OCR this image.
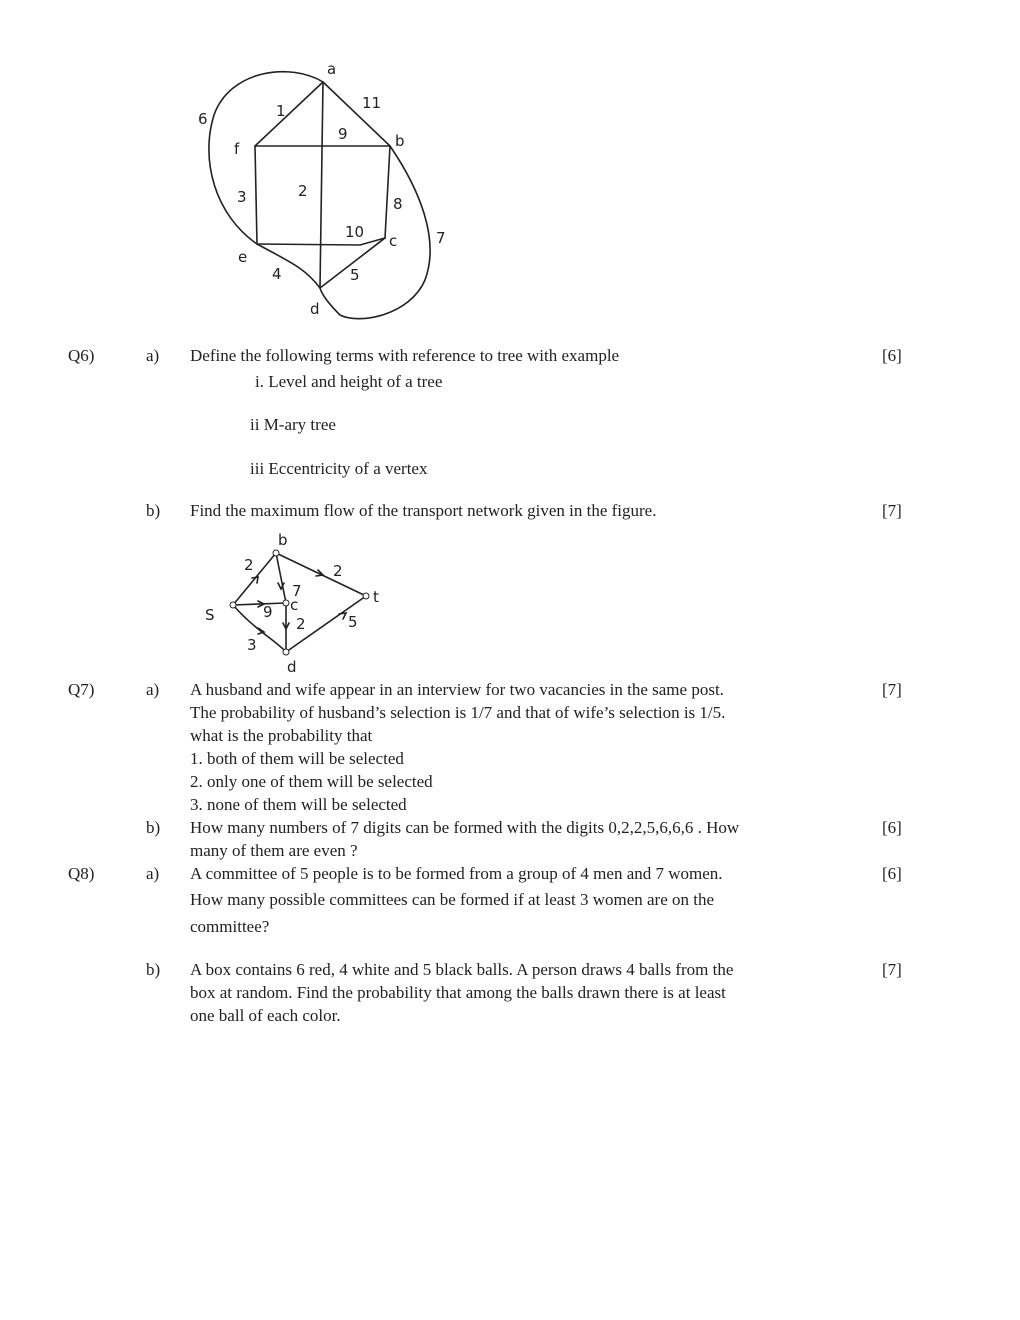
a
b
c
d
e
f
1
2
3
4	5
6
7
8
9
10
11
S
b
c
d
t
2
9
3
7
2
2	5
Q6)	a) Define the following terms with reference to tree with example	[6]
i. Level and height of a tree
ii M-ary tree
iii Eccentricity of a vertex
b) Find the maximum flow of the transport network given in the figure.	[7]
Q7)	a)	[7]
A husband and wife appear in an interview for two vacancies in the same post.
The probability of husband’s selection is 1/7 and that of wife’s selection is 1/5.
what is the probability that
1. both of them will be selected
2. only one of them will be selected
3. none of them will be selected
b)	[6]
How many numbers of 7 digits can be formed with the digits 0,2,2,5,6,6,6 . How
many of them are even ?
Q8)	a)	[6]
A committee of 5 people is to be formed from a group of 4 men and 7 women.
How many possible committees can be formed if at least 3 women are on the
committee?
b)	[7]
A box contains 6 red, 4 white and 5 black balls. A person draws 4 balls from the
box at random. Find the probability that among the balls drawn there is at least
one ball of each color.
